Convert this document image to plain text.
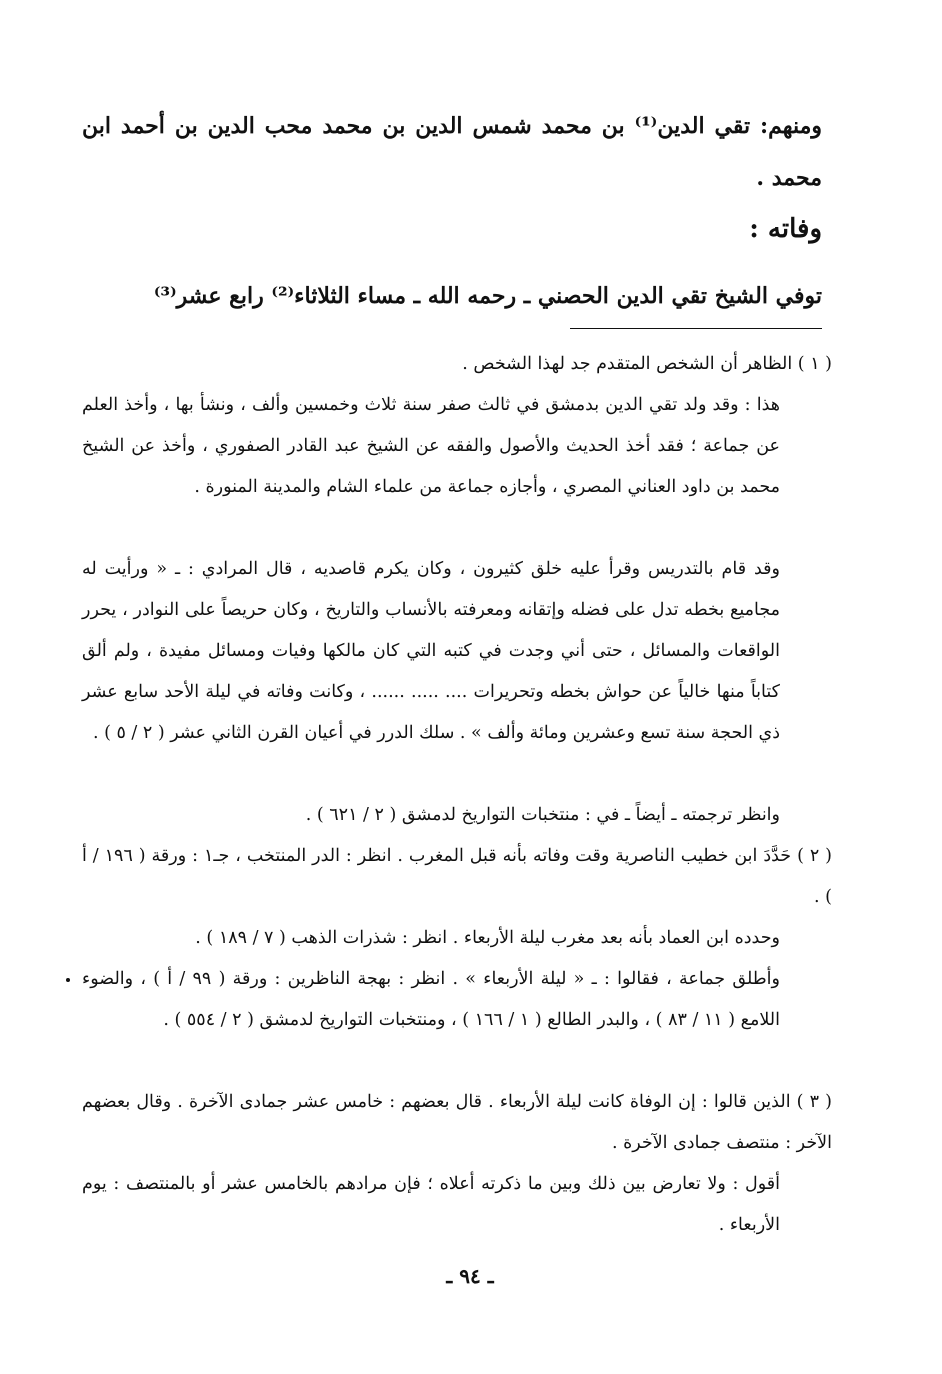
ومنهم: تقي الدين⁽¹⁾ بن محمد شمس الدين بن محمد محب الدين بن أحمد ابن محمد .
وفاته :
توفي الشيخ تقي الدين الحصني ـ رحمه الله ـ مساء الثلاثاء⁽²⁾ رابع عشر⁽³⁾
( ١ ) الظاهر أن الشخص المتقدم جد لهذا الشخص .
هذا : وقد ولد تقي الدين بدمشق في ثالث صفر سنة ثلاث وخمسين وألف ، ونشأ بها ، وأخذ العلم عن جماعة ؛ فقد أخذ الحديث والأصول والفقه عن الشيخ عبد القادر الصفوري ، وأخذ عن الشيخ محمد بن داود العناني المصري ، وأجازه جماعة من علماء الشام والمدينة المنورة .
وقد قام بالتدريس وقرأ عليه خلق كثيرون ، وكان يكرم قاصديه ، قال المرادي : ـ « ورأيت له مجاميع بخطه تدل على فضله وإتقانه ومعرفته بالأنساب والتاريخ ، وكان حريصاً على النوادر ، يحرر الواقعات والمسائل ، حتى أني وجدت في كتبه التي كان مالكها وفيات ومسائل مفيدة ، ولم ألق كتاباً منها خالياً عن حواش بخطه وتحريرات .... ..... ...... ، وكانت وفاته في ليلة الأحد سابع عشر ذي الحجة سنة تسع وعشرين ومائة وألف » . سلك الدرر في أعيان القرن الثاني عشر ( ٢ / ٥ ) .
وانظر ترجمته ـ أيضاً ـ في : منتخبات التواريخ لدمشق ( ٢ / ٦٢١ ) .
( ٢ ) حَدَّدَ ابن خطيب الناصرية وقت وفاته بأنه قبل المغرب . انظر : الدر المنتخب ، جـ١ : ورقة ( ١٩٦ / أ ) .
وحدده ابن العماد بأنه بعد مغرب ليلة الأربعاء . انظر : شذرات الذهب ( ٧ / ١٨٩ ) .
وأطلق جماعة ، فقالوا : ـ « ليلة الأربعاء » . انظر : بهجة الناظرين : ورقة ( ٩٩ / أ ) ، والضوء اللامع ( ١١ / ٨٣ ) ، والبدر الطالع ( ١ / ١٦٦ ) ، ومنتخبات التواريخ لدمشق ( ٢ / ٥٥٤ ) .
( ٣ ) الذين قالوا : إن الوفاة كانت ليلة الأربعاء . قال بعضهم : خامس عشر جمادى الآخرة . وقال بعضهم الآخر : منتصف جمادى الآخرة .
أقول : ولا تعارض بين ذلك وبين ما ذكرته أعلاه ؛ فإن مرادهم بالخامس عشر أو بالمنتصف : يوم الأربعاء .
ـ ٩٤ ـ
